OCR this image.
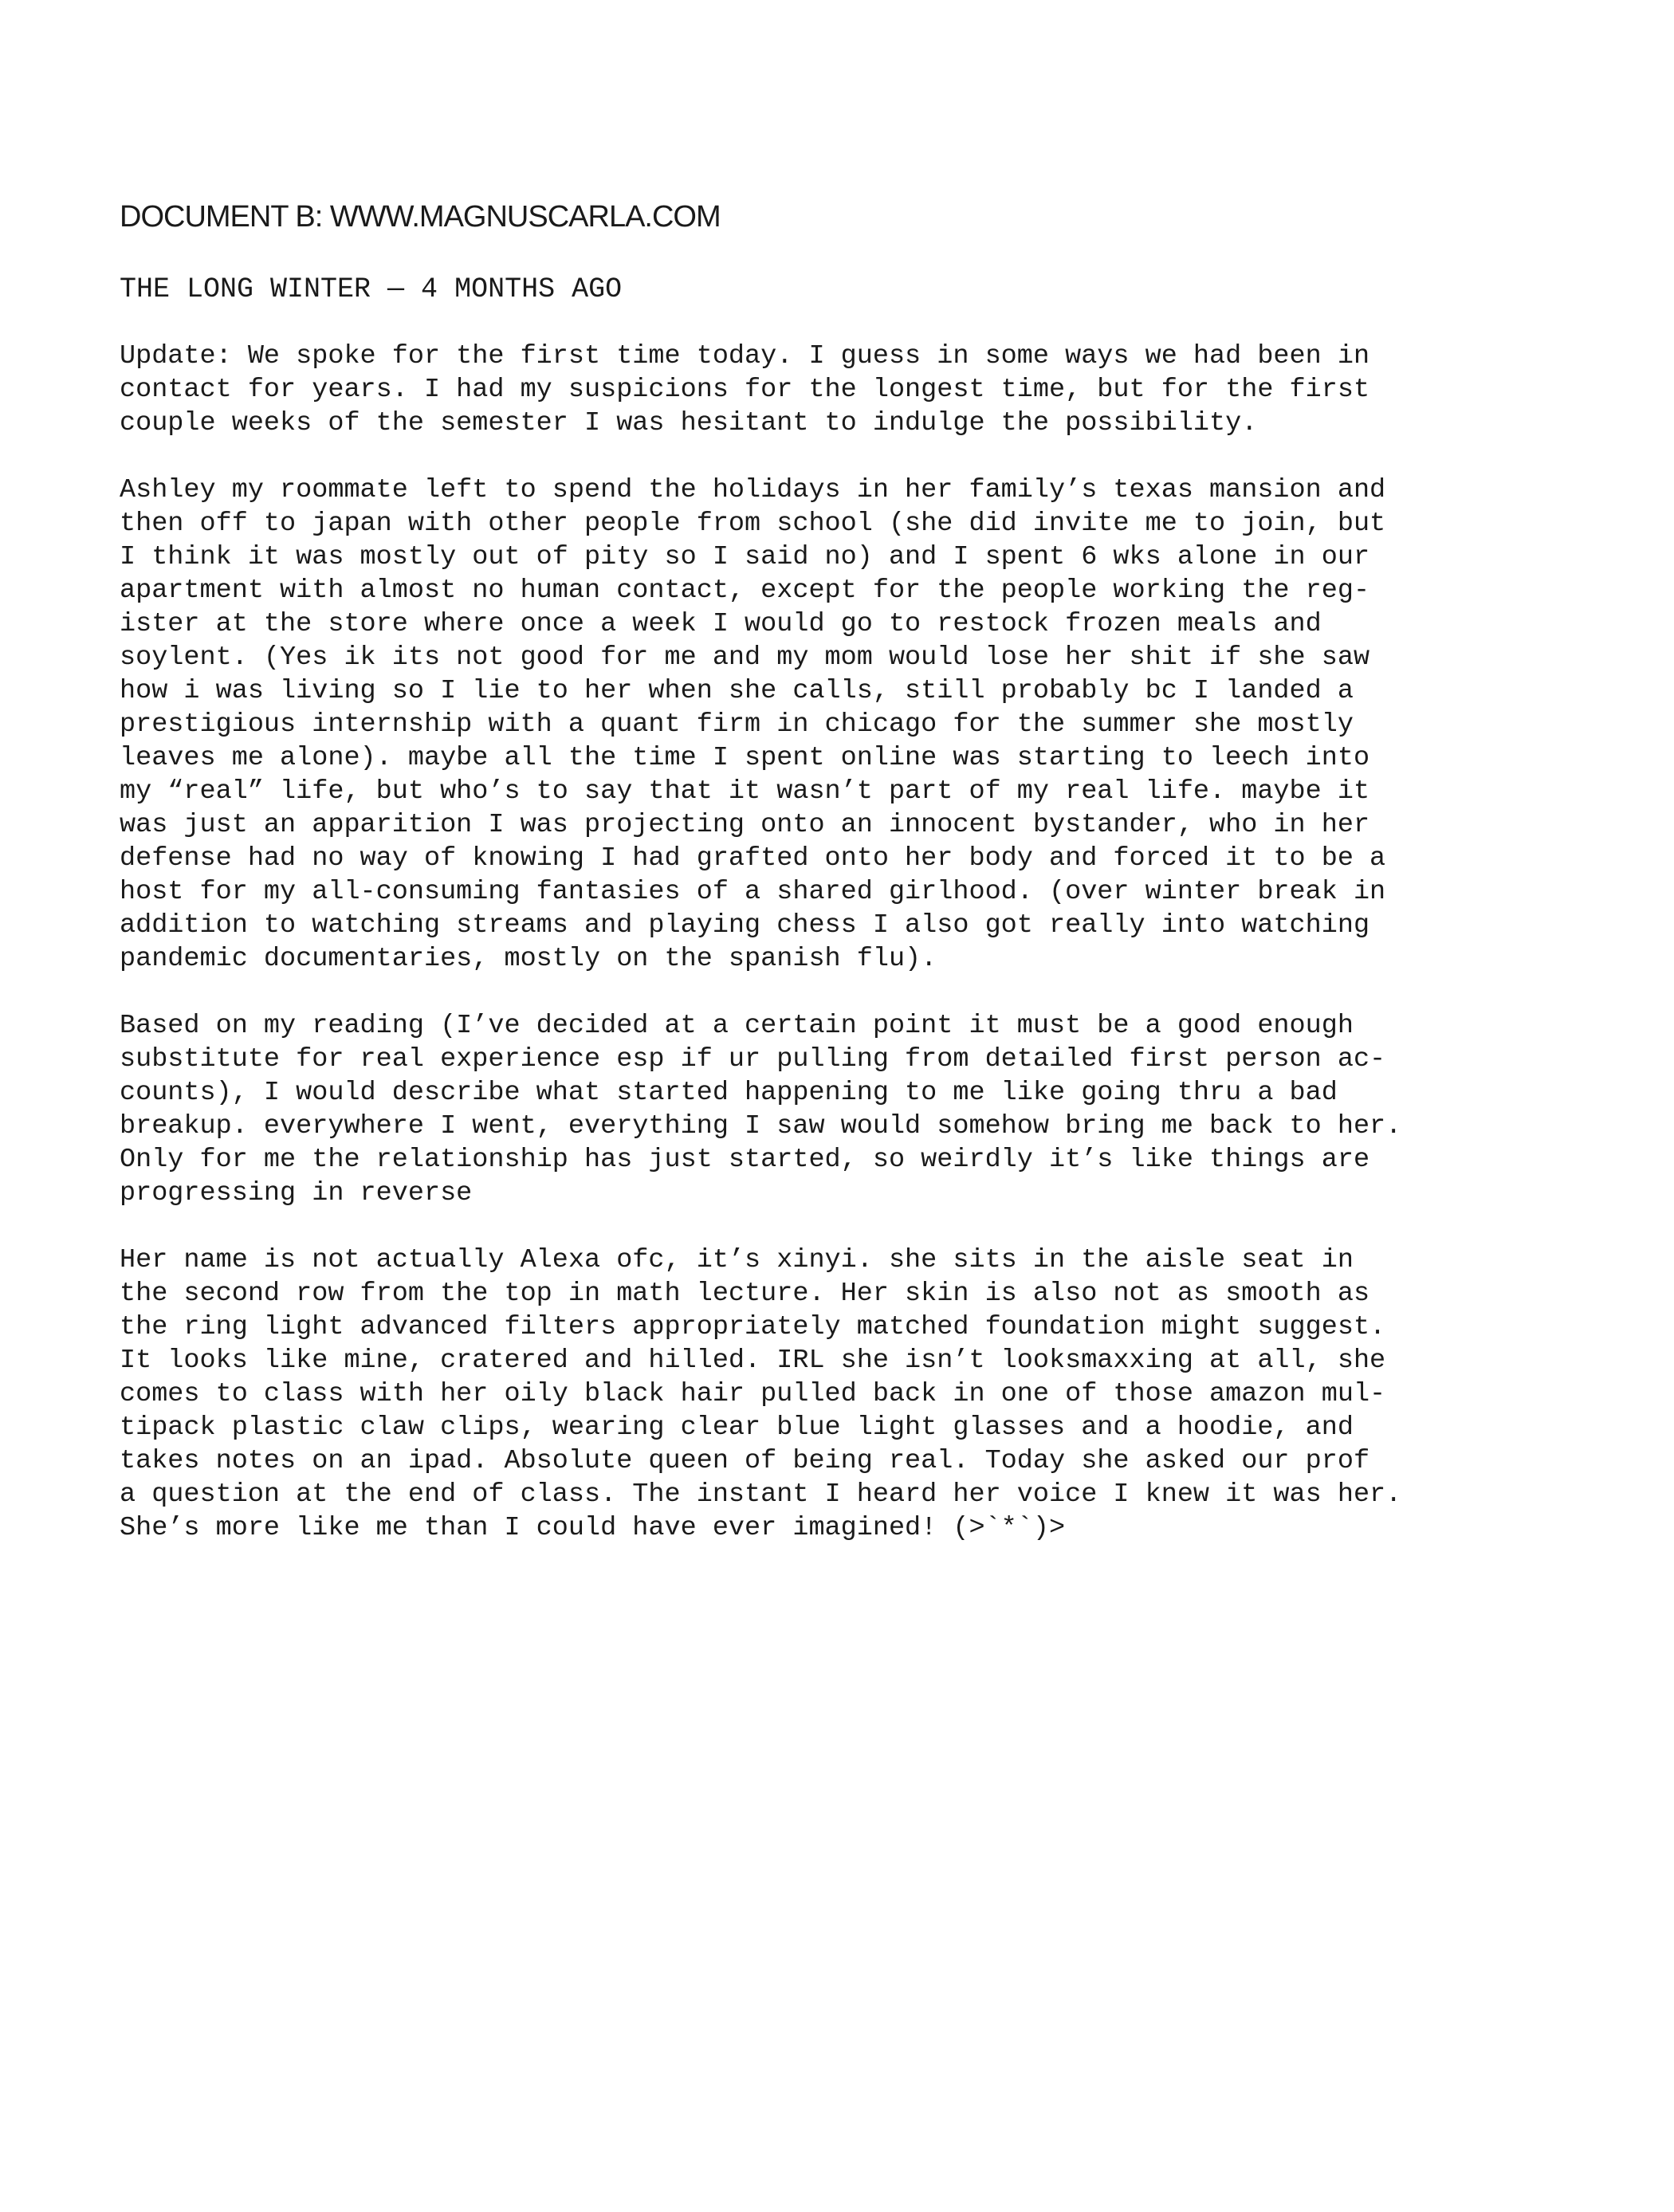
DOCUMENT B: WWW.MAGNUSCARLA.COM
THE LONG WINTER — 4 MONTHS AGO

Update: We spoke for the first time today. I guess in some ways we had been in
contact for years. I had my suspicions for the longest time, but for the first
couple weeks of the semester I was hesitant to indulge the possibility.

Ashley my roommate left to spend the holidays in her family’s texas mansion and
then off to japan with other people from school (she did invite me to join, but
I think it was mostly out of pity so I said no) and I spent 6 wks alone in our
apartment with almost no human contact, except for the people working the reg-
ister at the store where once a week I would go to restock frozen meals and
soylent. (Yes ik its not good for me and my mom would lose her shit if she saw
how i was living so I lie to her when she calls, still probably bc I landed a
prestigious internship with a quant firm in chicago for the summer she mostly
leaves me alone). maybe all the time I spent online was starting to leech into
my “real” life, but who’s to say that it wasn’t part of my real life. maybe it
was just an apparition I was projecting onto an innocent bystander, who in her
defense had no way of knowing I had grafted onto her body and forced it to be a
host for my all-consuming fantasies of a shared girlhood. (over winter break in
addition to watching streams and playing chess I also got really into watching
pandemic documentaries, mostly on the spanish flu).

Based on my reading (I’ve decided at a certain point it must be a good enough
substitute for real experience esp if ur pulling from detailed first person ac-
counts), I would describe what started happening to me like going thru a bad
breakup. everywhere I went, everything I saw would somehow bring me back to her.
Only for me the relationship has just started, so weirdly it’s like things are
progressing in reverse

Her name is not actually Alexa ofc, it’s xinyi. she sits in the aisle seat in
the second row from the top in math lecture. Her skin is also not as smooth as
the ring light advanced filters appropriately matched foundation might suggest.
It looks like mine, cratered and hilled. IRL she isn’t looksmaxxing at all, she
comes to class with her oily black hair pulled back in one of those amazon mul-
tipack plastic claw clips, wearing clear blue light glasses and a hoodie, and
takes notes on an ipad. Absolute queen of being real. Today she asked our prof
a question at the end of class. The instant I heard her voice I knew it was her.
She’s more like me than I could have ever imagined! (>`*`)>
